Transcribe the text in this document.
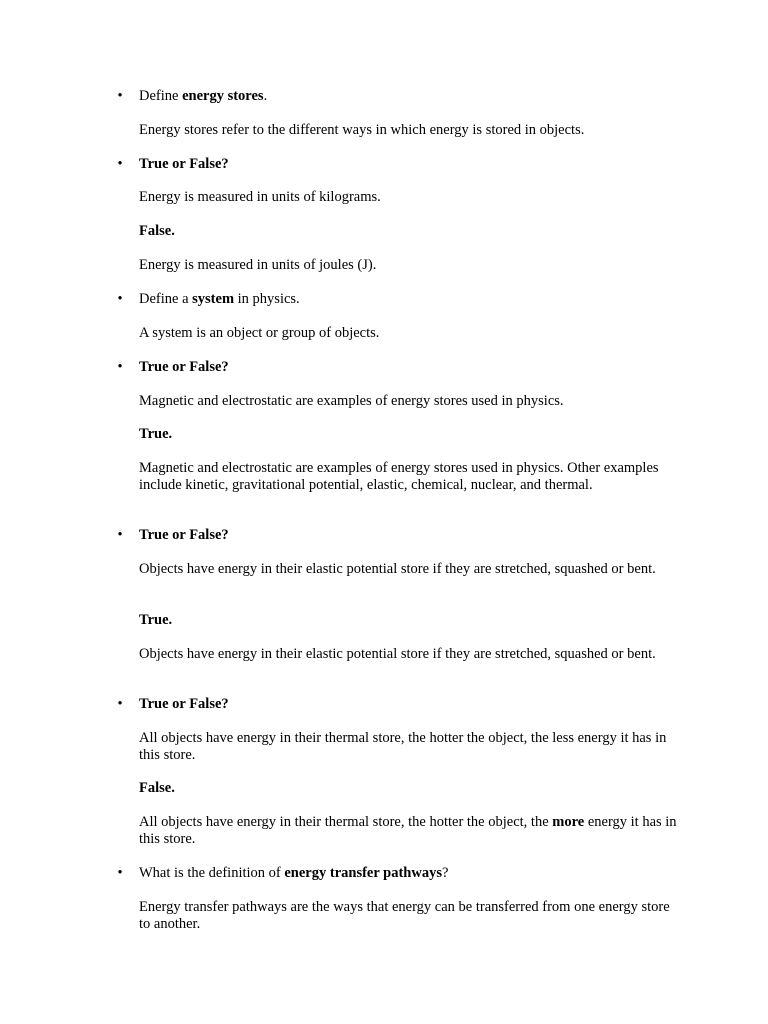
• Define energy stores.
Energy stores refer to the different ways in which energy is stored in objects.
• True or False?
Energy is measured in units of kilograms.
False.
Energy is measured in units of joules (J).
• Define a system in physics.
A system is an object or group of objects.
• True or False?
Magnetic and electrostatic are examples of energy stores used in physics.
True.
Magnetic and electrostatic are examples of energy stores used in physics. Other examples include kinetic, gravitational potential, elastic, chemical, nuclear, and thermal.
• True or False?
Objects have energy in their elastic potential store if they are stretched, squashed or bent.
True.
Objects have energy in their elastic potential store if they are stretched, squashed or bent.
• True or False?
All objects have energy in their thermal store, the hotter the object, the less energy it has in this store.
False.
All objects have energy in their thermal store, the hotter the object, the more energy it has in this store.
• What is the definition of energy transfer pathways?
Energy transfer pathways are the ways that energy can be transferred from one energy store to another.
